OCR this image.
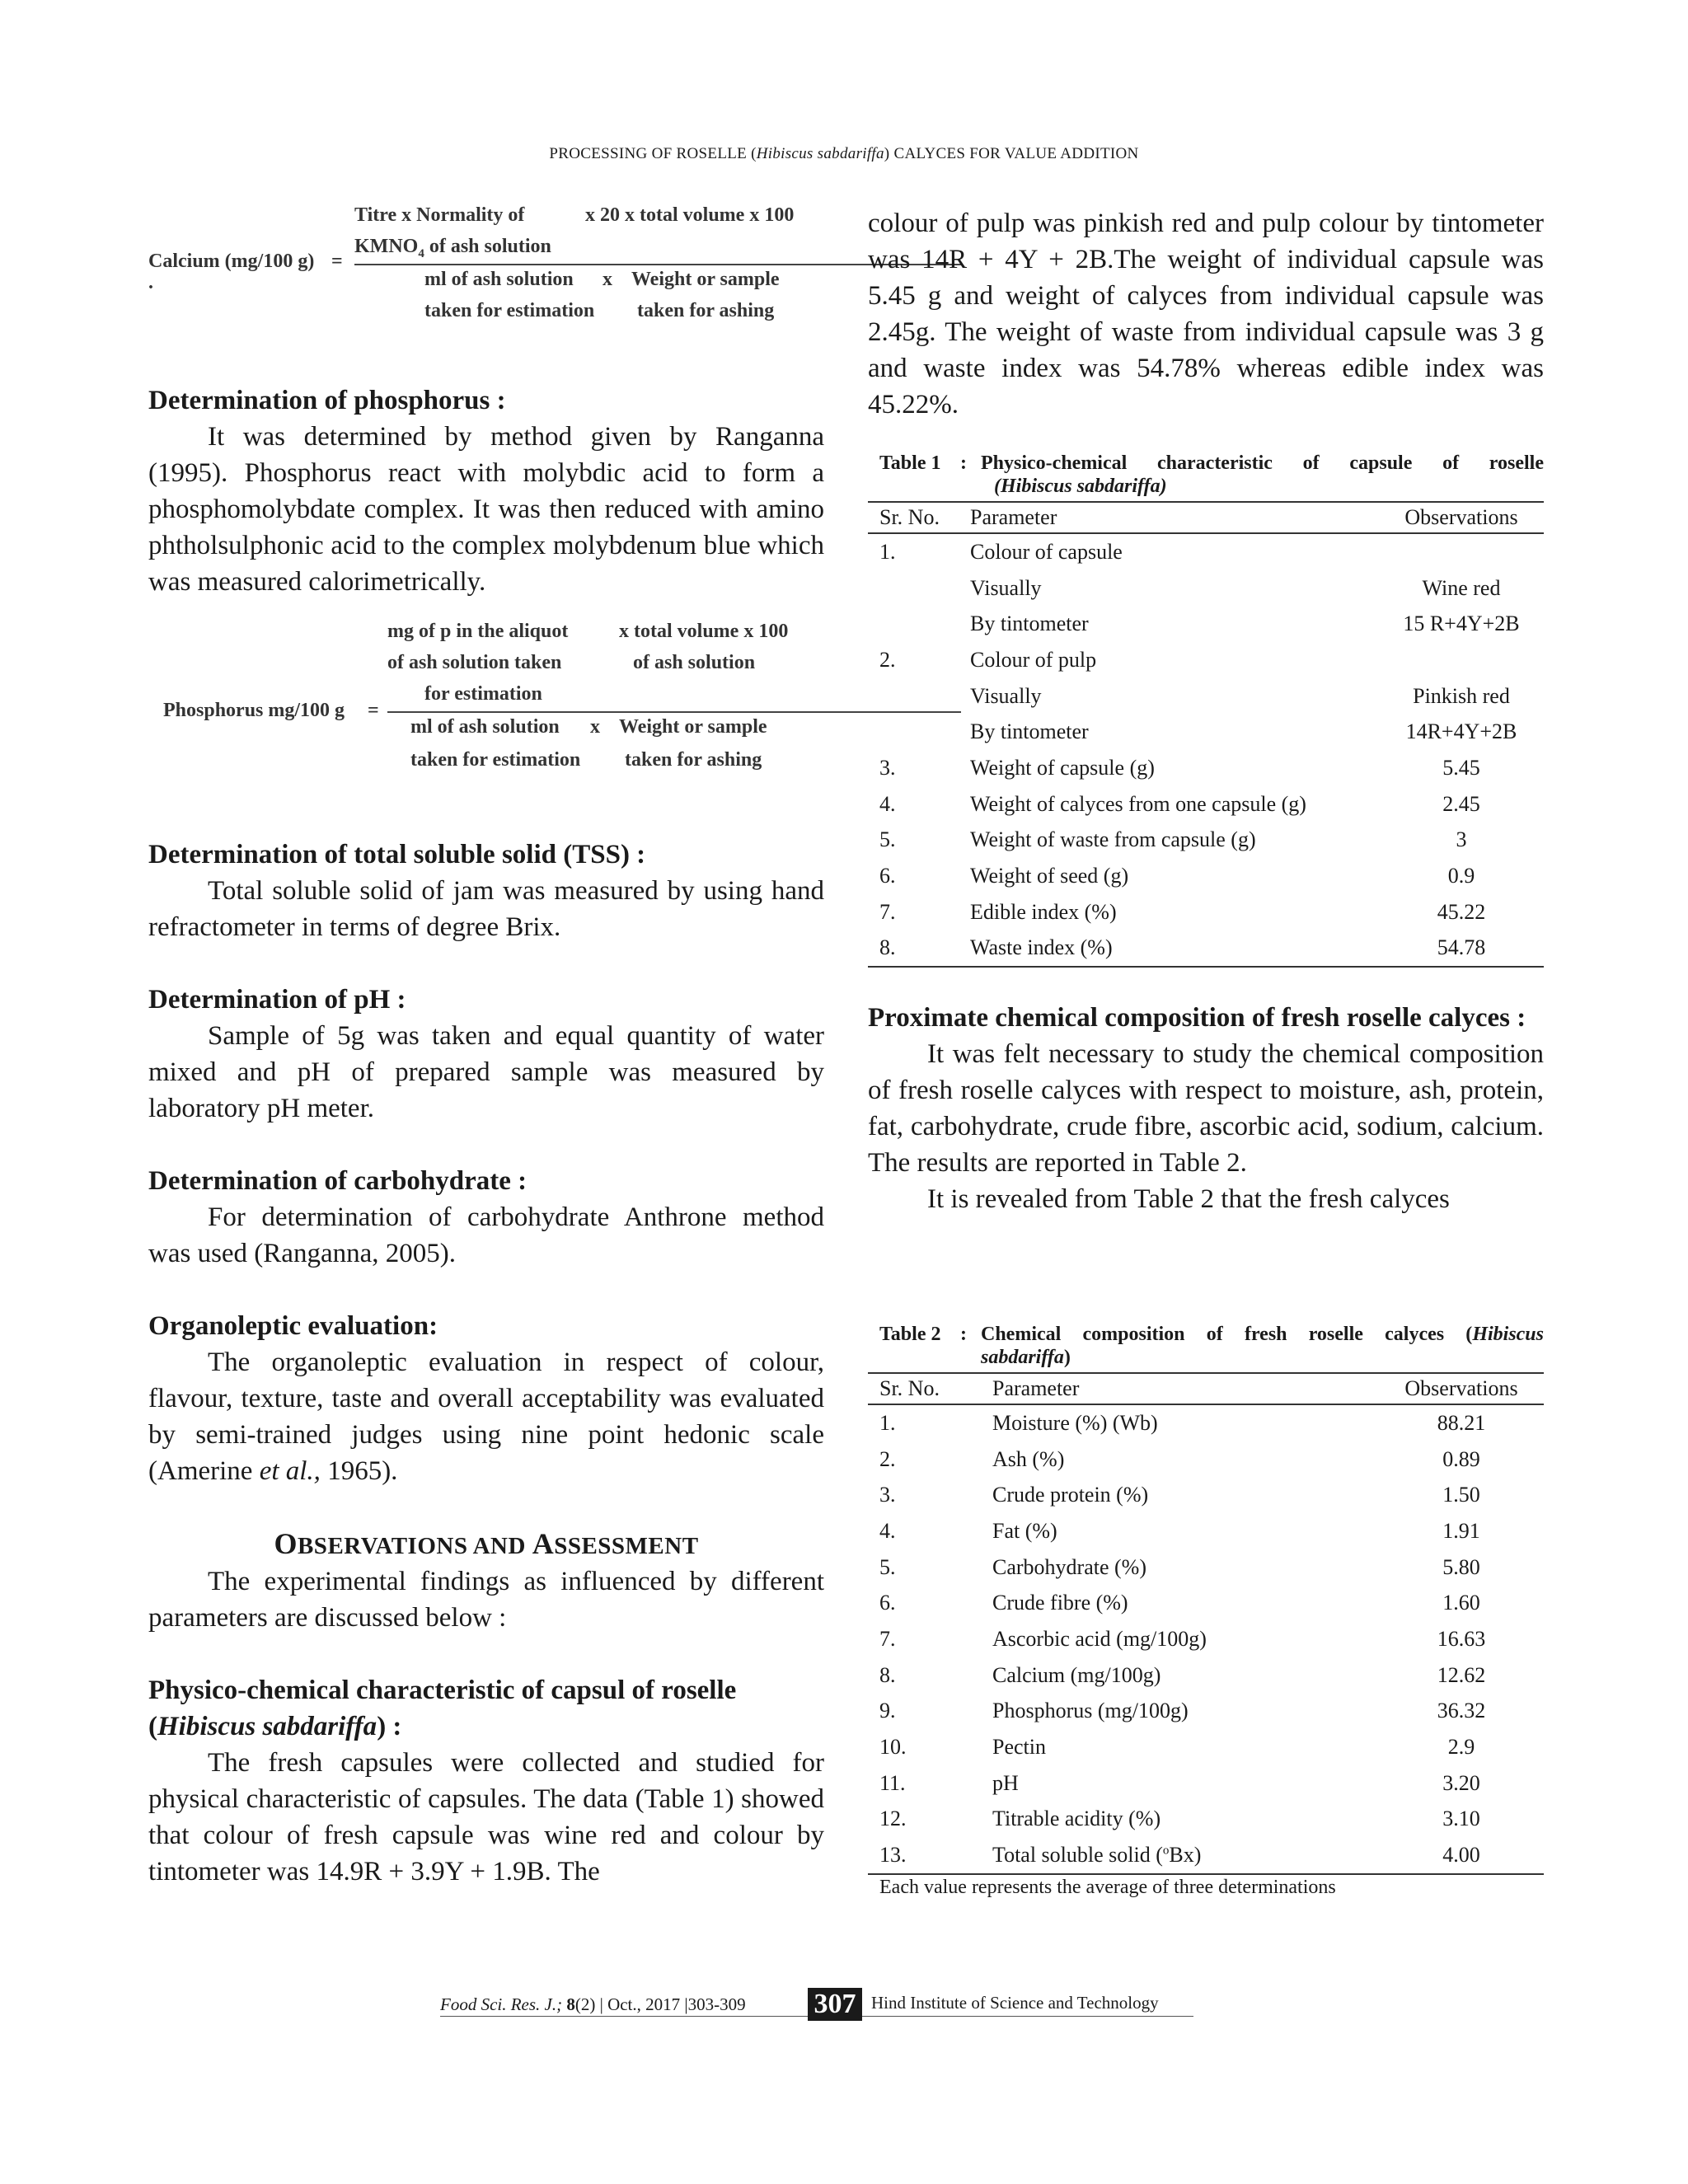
PROCESSING OF ROSELLE (Hibiscus sabdariffa) CALYCES FOR VALUE ADDITION
Titre x Normality of	x 20 x total volume x 100
$KMNO_4$ of ash solution
Calcium (mg/100 g) =
.	ml of ash solution x Weight or sample
taken for estimation taken for ashing

Determination of phosphorus :

It was determined by method given by Ranganna (1995). Phosphorus react with molybdic acid to form a phosphomolybdate complex. It was then reduced with amino phtholsulphonic acid to the complex molybdenum blue which was measured calorimetrically.

mg of p in the aliquot	x total volume x 100
of ash solution taken	of ash solution
for estimation
Phosphorus mg/100 g =
ml of ash solution x Weight or sample
taken for estimation taken for ashing

Determination of total soluble solid (TSS) :

Total soluble solid of jam was measured by using hand refractometer in terms of degree Brix.

Determination of pH :

Sample of 5g was taken and equal quantity of water mixed and pH of prepared sample was measured by laboratory pH meter.

Determination of carbohydrate :

For determination of carbohydrate Anthrone method was used (Ranganna, 2005).

Organoleptic evaluation:

The organoleptic evaluation in respect of colour, flavour, texture, taste and overall acceptability was evaluated by semi-trained judges using nine point hedonic scale (Amerine et al., 1965).

OBSERVATIONS AND ASSESSMENT

The experimental findings as influenced by different parameters are discussed below :

Physico-chemical characteristic of capsul of roselle (Hibiscus sabdariffa) :

The fresh capsules were collected and studied for physical characteristic of capsules. The data (Table 1) showed that colour of fresh capsule was wine red and colour by tintometer was 14.9R + 3.9Y + 1.9B. The

colour of pulp was pinkish red and pulp colour by tintometer was 14R + 4Y + 2B.The weight of individual capsule was 5.45 g and weight of calyces from individual capsule was 2.45g. The weight of waste from individual capsule was 3 g and waste index was 54.78% whereas edible index was 45.22%.

Table 1 : Physico-chemical characteristic of capsule of roselle
(Hibiscus sabdariffa)
Sr. No.	Parameter	Observations
1.	Colour of capsule	
	Visually	Wine red
	By tintometer	15 R+4Y+2B
2.	Colour of pulp	
	Visually	Pinkish red
	By tintometer	14R+4Y+2B
3.	Weight of capsule (g)	5.45
4.	Weight of calyces from one capsule (g)	2.45
5.	Weight of waste from capsule (g)	3
6.	Weight of seed (g)	0.9
7.	Edible index (%)	45.22
8.	Waste index (%)	54.78

Proximate chemical composition of fresh roselle calyces :

It was felt necessary to study the chemical composition of fresh roselle calyces with respect to moisture, ash, protein, fat, carbohydrate, crude fibre, ascorbic acid, sodium, calcium. The results are reported in Table 2.

It is revealed from Table 2 that the fresh calyces

Table 2 : Chemical composition of fresh roselle calyces (Hibiscus
sabdariffa)
Sr. No.	Parameter	Observations
1.	Moisture (%) (Wb)	88.21
2.	Ash (%)	0.89
3.	Crude protein (%)	1.50
4.	Fat (%)	1.91
5.	Carbohydrate (%)	5.80
6.	Crude fibre (%)	1.60
7.	Ascorbic acid (mg/100g)	16.63
8.	Calcium (mg/100g)	12.62
9.	Phosphorus (mg/100g)	36.32
10.	Pectin	2.9
11.	pH	3.20
12.	Titrable acidity (%)	3.10
13.	Total soluble solid ($^o$Bx)	4.00
Each value represents the average of three determinations
Food Sci. Res. J.; 8(2) | Oct., 2017 |303-309 307 Hind Institute of Science and Technology
